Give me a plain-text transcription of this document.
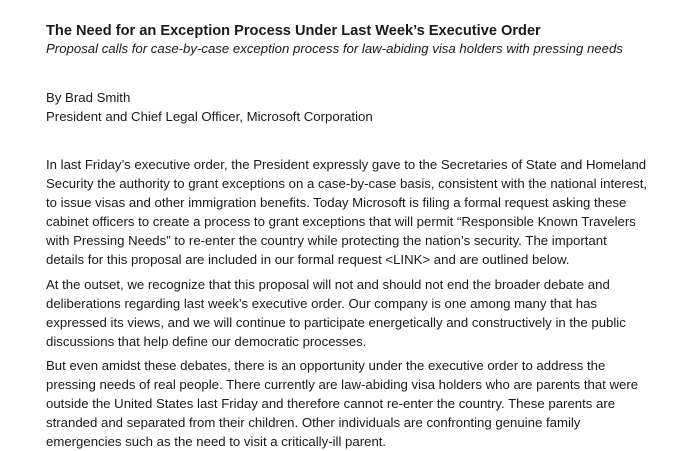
The Need for an Exception Process Under Last Week’s Executive Order

Proposal calls for case-by-case exception process for law-abiding visa holders with pressing needs

By Brad Smith

President and Chief Legal Officer, Microsoft Corporation

In last Friday’s executive order, the President expressly gave to the Secretaries of State and Homeland
Security the authority to grant exceptions on a case-by-case basis, consistent with the national interest,
to issue visas and other immigration benefits. Today Microsoft is filing a formal request asking these
cabinet officers to create a process to grant exceptions that will permit “Responsible Known Travelers
with Pressing Needs” to re-enter the country while protecting the nation’s security. The important
details for this proposal are included in our formal request <LINK> and are outlined below.
At the outset, we recognize that this proposal will not and should not end the broader debate and
deliberations regarding last week’s executive order. Our company is one among many that has
expressed its views, and we will continue to participate energetically and constructively in the public
discussions that help define our democratic processes.
But even amidst these debates, there is an opportunity under the executive order to address the
pressing needs of real people. There currently are law-abiding visa holders who are parents that were
outside the United States last Friday and therefore cannot re-enter the country. These parents are
stranded and separated from their children. Other individuals are confronting genuine family
emergencies such as the need to visit a critically-ill parent.
